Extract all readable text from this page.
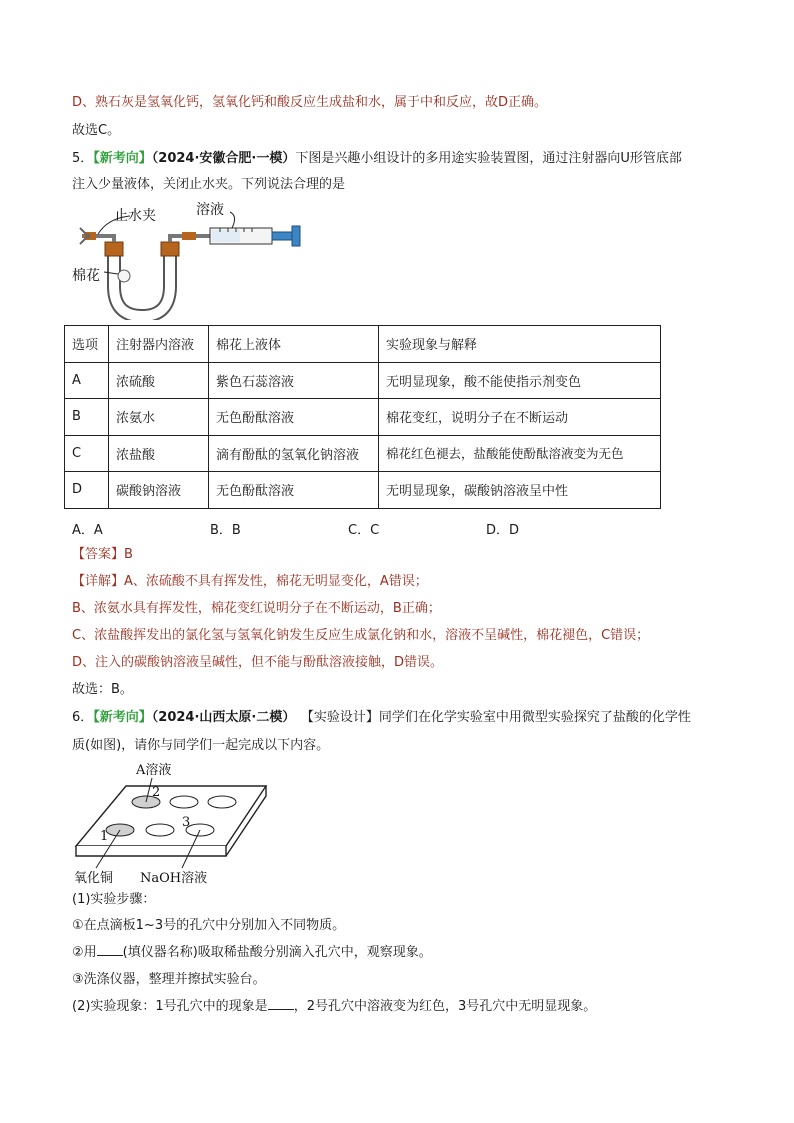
D、熟石灰是氢氧化钙，氢氧化钙和酸反应生成盐和水，属于中和反应，故D正确。
故选C。
5．【新考向】（2024·安徽合肥·一模）下图是兴趣小组设计的多用途实验装置图，通过注射器向U形管底部
注入少量液体，关闭止水夹。下列说法合理的是
止水夹	溶液
棉花
选项	注射器内溶液	棉花上液体	实验现象与解释
A	浓硫酸	紫色石蕊溶液	无明显现象，酸不能使指示剂变色
B	浓氨水	无色酚酞溶液	棉花变红，说明分子在不断运动
C	浓盐酸	滴有酚酞的氢氧化钠溶液	棉花红色褪去，盐酸能使酚酞溶液变为无色
D	碳酸钠溶液	无色酚酞溶液	无明显现象，碳酸钠溶液呈中性
A．A	B．B	C．C	D．D
【答案】B
【详解】A、浓硫酸不具有挥发性，棉花无明显变化，A错误；
B、浓氨水具有挥发性，棉花变红说明分子在不断运动，B正确；
C、浓盐酸挥发出的氯化氢与氢氧化钠发生反应生成氯化钠和水，溶液不呈碱性，棉花褪色，C错误；
D、注入的碳酸钠溶液呈碱性，但不能与酚酞溶液接触，D错误。
故选：B。
6．【新考向】（2024·山西太原·二模） 【实验设计】同学们在化学实验室中用微型实验探究了盐酸的化学性
质(如图)，请你与同学们一起完成以下内容。
A溶液
2
1
3
氧化铜 NaOH溶液
(1)实验步骤：
①在点滴板1~3号的孔穴中分别加入不同物质。
②用 (填仪器名称)吸取稀盐酸分别滴入孔穴中，观察现象。
③洗涤仪器，整理并擦拭实验台。
(2)实验现象：1号孔穴中的现象是 ，2号孔穴中溶液变为红色，3号孔穴中无明显现象。
